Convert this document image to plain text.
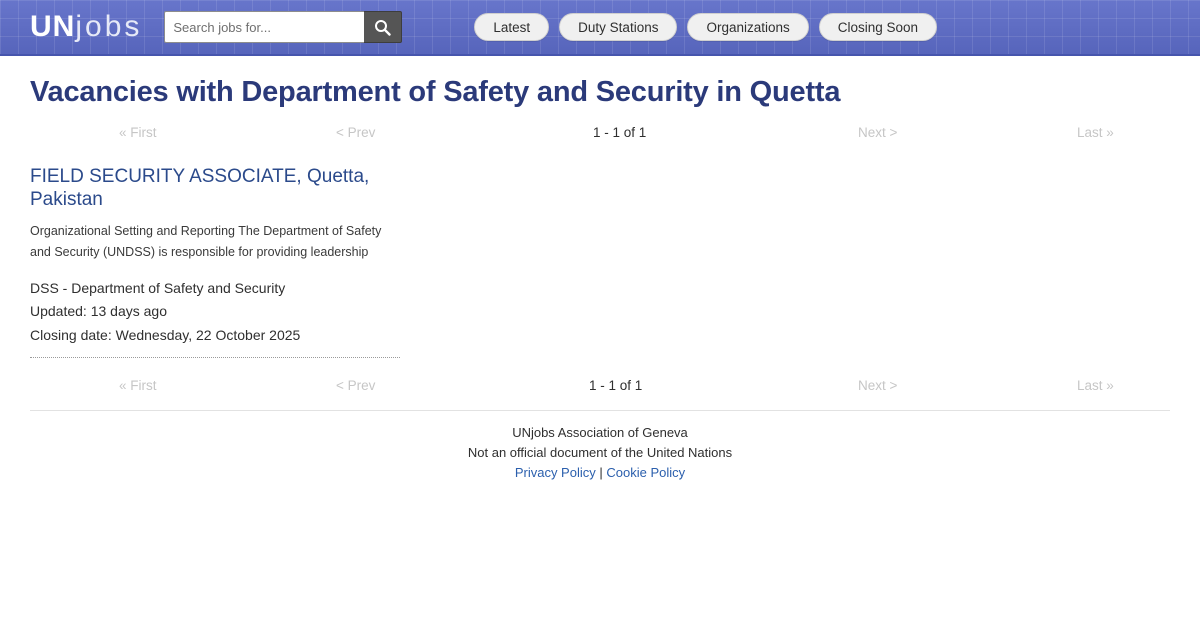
UNjobs
Search jobs for...	Latest	Duty Stations	Organizations	Closing Soon
Vacancies with Department of Safety and Security in Quetta
« First	< Prev	1 - 1 of 1	Next >	Last »

FIELD SECURITY ASSOCIATE, Quetta, Pakistan

Organizational Setting and Reporting The Department of Safety and Security (UNDSS) is responsible for providing leadership

DSS - Department of Safety and Security
Updated: 13 days ago
Closing date: Wednesday, 22 October 2025
« First	< Prev	1 - 1 of 1	Next >	Last »
UNjobs Association of Geneva
Not an official document of the United Nations
Privacy Policy | Cookie Policy
